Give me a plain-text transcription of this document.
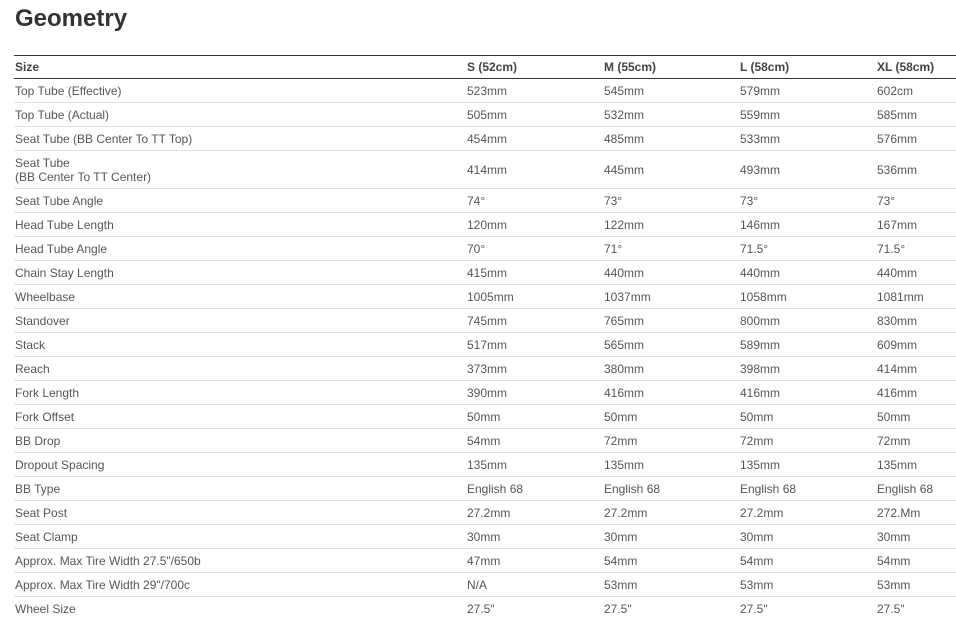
Geometry
Size	S (52cm)	M (55cm)	L (58cm)	XL (58cm)

Top Tube (Effective)	523mm	545mm	579mm	602cm

Top Tube (Actual)	505mm	532mm	559mm	585mm

Seat Tube (BB Center To TT Top)	454mm	485mm	533mm	576mm

Seat Tube
(BB Center To TT Center)	414mm	445mm	493mm	536mm

Seat Tube Angle	74°	73°	73°	73°

Head Tube Length	120mm	122mm	146mm	167mm

Head Tube Angle	70°	71°	71.5°	71.5°

Chain Stay Length	415mm	440mm	440mm	440mm

Wheelbase	1005mm	1037mm	1058mm	1081mm

Standover	745mm	765mm	800mm	830mm

Stack	517mm	565mm	589mm	609mm

Reach	373mm	380mm	398mm	414mm

Fork Length	390mm	416mm	416mm	416mm

Fork Offset	50mm	50mm	50mm	50mm

BB Drop	54mm	72mm	72mm	72mm

Dropout Spacing	135mm	135mm	135mm	135mm

BB Type	English 68	English 68	English 68	English 68

Seat Post	27.2mm	27.2mm	27.2mm	272.Mm

Seat Clamp	30mm	30mm	30mm	30mm

Approx. Max Tire Width 27.5"/650b	47mm	54mm	54mm	54mm

Approx. Max Tire Width 29"/700c	N/A	53mm	53mm	53mm

Wheel Size	27.5"	27.5"	27.5"	27.5"
